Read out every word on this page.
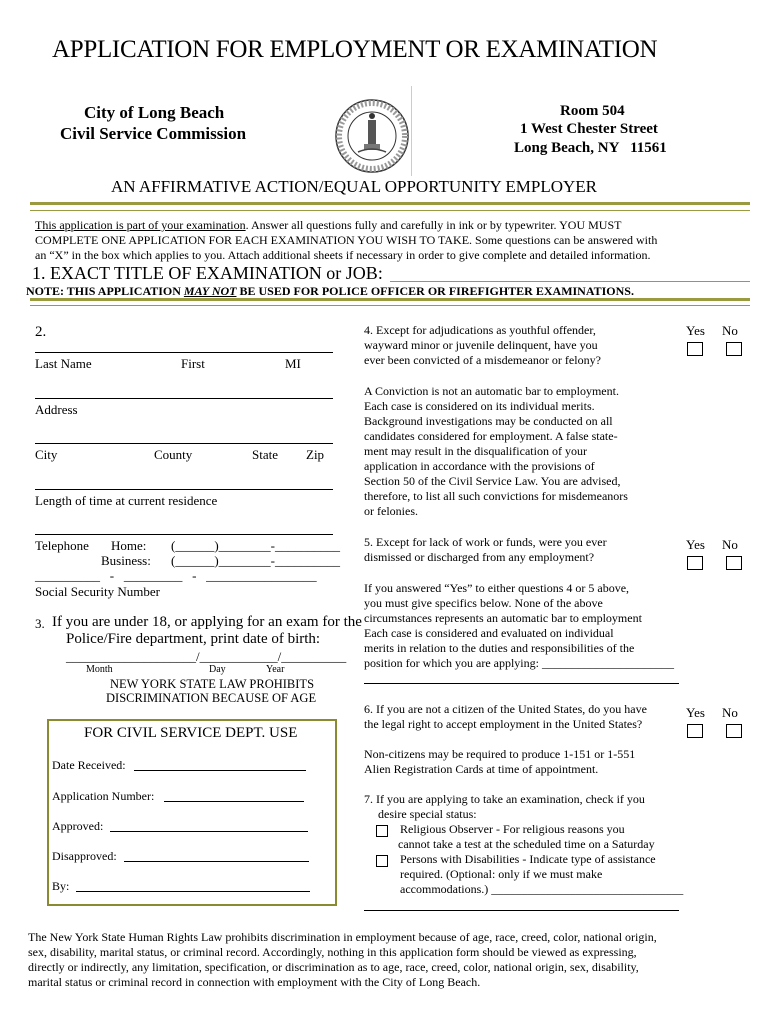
APPLICATION FOR EMPLOYMENT OR EXAMINATION
City of Long Beach
Civil Service Commission
Room 504
1 West Chester Street
Long Beach, NY   11561
AN AFFIRMATIVE ACTION/EQUAL OPPORTUNITY EMPLOYER
This application is part of your examination. Answer all questions fully and carefully in ink or by typewriter. YOU MUST
COMPLETE ONE APPLICATION FOR EACH EXAMINATION YOU WISH TO TAKE. Some questions can be answered with
an “X” in the box which applies to you. Attach additional sheets if necessary in order to give complete and detailed information.
1. EXACT TITLE OF EXAMINATION or JOB:
NOTE: THIS APPLICATION MAY NOT BE USED FOR POLICE OFFICER OR FIREFIGHTER EXAMINATIONS.
2.
Last Name	First	MI
Address
City	County	State Zip
Length of time at current residence
Telephone Home: (______)________-__________
Business: (______)________-__________
__________   -   _________   -   _________________
Social Security Number
3. If you are under 18, or applying for an exam for the
Police/Fire department, print date of birth:
____________________/____________/__________
Month	Day	Year
NEW YORK STATE LAW PROHIBITS
DISCRIMINATION BECAUSE OF AGE
FOR CIVIL SERVICE DEPT. USE
Date Received:
Application Number:
Approved:
Disapproved:
By:
4. Except for adjudications as youthful offender,
wayward minor or juvenile delinquent, have you
ever been convicted of a misdemeanor or felony?
Yes No
A Conviction is not an automatic bar to employment.
Each case is considered on its individual merits.
Background investigations may be conducted on all
candidates considered for employment. A false state-
ment may result in the disqualification of your
application in accordance with the provisions of
Section 50 of the Civil Service Law. You are advised,
therefore, to list all such convictions for misdemeanors
or felonies.
5. Except for lack of work or funds, were you ever
dismissed or discharged from any employment?
Yes No
If you answered “Yes” to either questions 4 or 5 above,
you must give specifics below. None of the above
circumstances represents an automatic bar to employment
Each case is considered and evaluated on individual
merits in relation to the duties and responsibilities of the
position for which you are applying: ______________________
6. If you are not a citizen of the United States, do you have
the legal right to accept employment in the United States?
Yes No
Non-citizens may be required to produce 1-151 or 1-551
Alien Registration Cards at time of appointment.
7. If you are applying to take an examination, check if you
desire special status:
Religious Observer - For religious reasons you
cannot take a test at the scheduled time on a Saturday
Persons with Disabilities - Indicate type of assistance
required. (Optional: only if we must make
accommodations.) ________________________________
The New York State Human Rights Law prohibits discrimination in employment because of age, race, creed, color, national origin,
sex, disability, marital status, or criminal record. Accordingly, nothing in this application form should be viewed as expressing,
directly or indirectly, any limitation, specification, or discrimination as to age, race, creed, color, national origin, sex, disability,
marital status or criminal record in connection with employment with the City of Long Beach.
